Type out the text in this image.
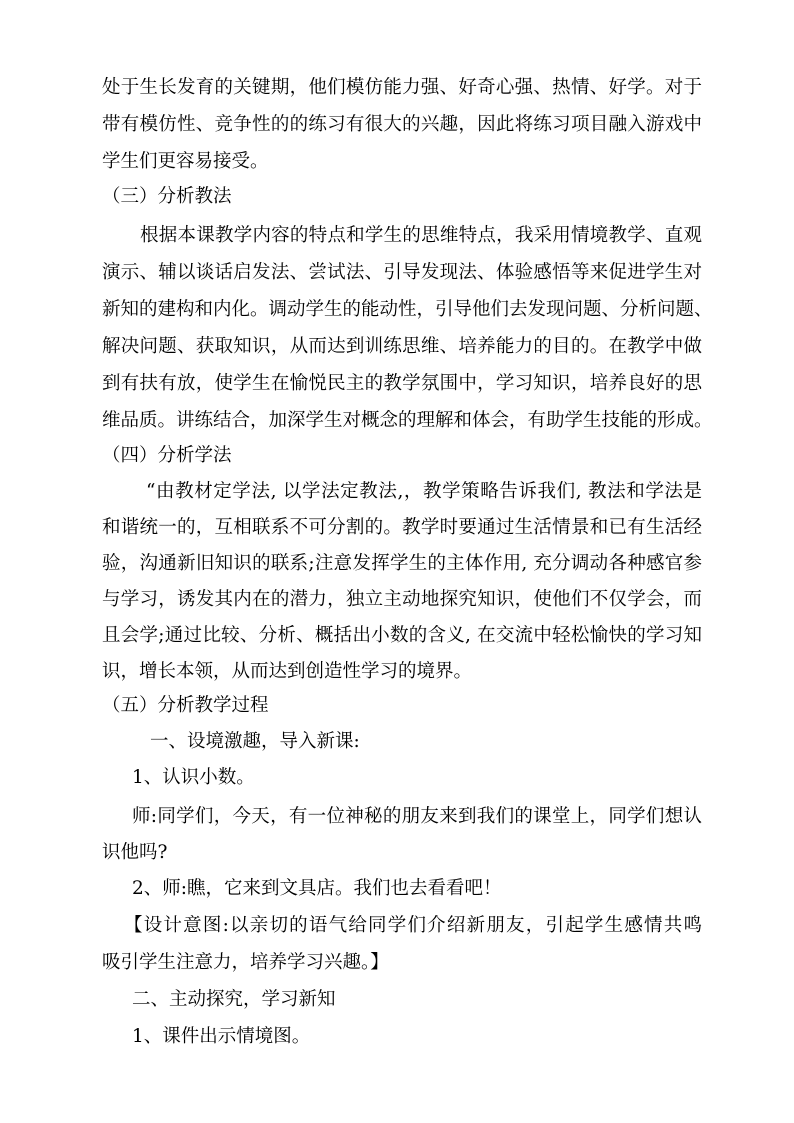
处于生长发育的关键期，他们模仿能力强、好奇心强、热情、好学。对于
带有模仿性、竞争性的的练习有很大的兴趣，因此将练习项目融入游戏中
学生们更容易接受。
（三）分析教法
根据本课教学内容的特点和学生的思维特点，我采用情境教学、直观
演示、辅以谈话启发法、尝试法、引导发现法、体验感悟等来促进学生对
新知的建构和内化。调动学生的能动性，引导他们去发现问题、分析问题、
解决问题、获取知识，从而达到训练思维、培养能力的目的。在教学中做
到有扶有放，使学生在愉悦民主的教学氛围中，学习知识，培养良好的思
维品质。讲练结合，加深学生对概念的理解和体会，有助学生技能的形成。
（四）分析学法
“由教材定学法, 以学法定教法,，教学策略告诉我们, 教法和学法是
和谐统一的，互相联系不可分割的。教学时要通过生活情景和已有生活经
验，沟通新旧知识的联系;注意发挥学生的主体作用, 充分调动各种感官参
与学习，诱发其内在的潜力，独立主动地探究知识，使他们不仅学会，而
且会学;通过比较、分析、概括出小数的含义, 在交流中轻松愉快的学习知
识，增长本领，从而达到创造性学习的境界。
（五）分析教学过程
一、设境激趣，导入新课:
1、认识小数。
师:同学们，今天，有一位神秘的朋友来到我们的课堂上，同学们想认
识他吗?
2、师:瞧，它来到文具店。我们也去看看吧！
【设计意图:以亲切的语气给同学们介绍新朋友，引起学生感情共鸣
吸引学生注意力，培养学习兴趣。】
二、主动探究，学习新知
1、课件出示情境图。
